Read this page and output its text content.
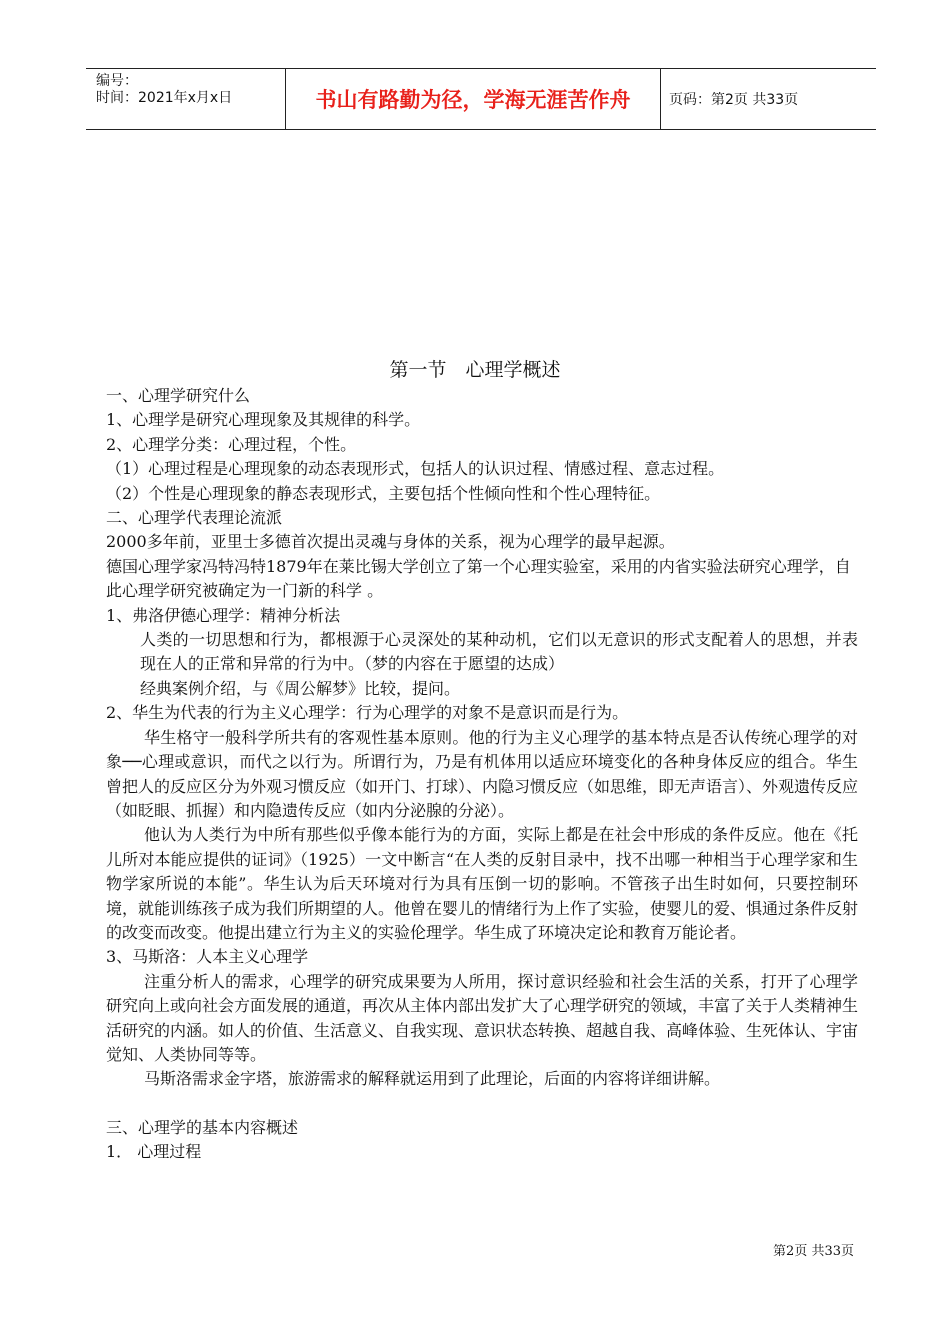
编号：
时间：2021年x月x日	书山有路勤为径，学海无涯苦作舟	页码：第2页 共33页
第一节　心理学概述

一、心理学研究什么

1、心理学是研究心理现象及其规律的科学。

2、心理学分类：心理过程，个性。

（1）心理过程是心理现象的动态表现形式，包括人的认识过程、情感过程、意志过程。

（2）个性是心理现象的静态表现形式，主要包括个性倾向性和个性心理特征。

二、心理学代表理论流派

2000多年前，亚里士多德首次提出灵魂与身体的关系，视为心理学的最早起源。

德国心理学家冯特冯特1879年在莱比锡大学创立了第一个心理实验室，采用的内省实验法研究心理学，自此心理学研究被确定为一门新的科学 。

1、弗洛伊德心理学：精神分析法

人类的一切思想和行为，都根源于心灵深处的某种动机，它们以无意识的形式支配着人的思想，并表现在人的正常和异常的行为中。（梦的内容在于愿望的达成）

经典案例介绍，与《周公解梦》比较，提问。

2、华生为代表的行为主义心理学：行为心理学的对象不是意识而是行为。

华生格守一般科学所共有的客观性基本原则。他的行为主义心理学的基本特点是否认传统心理学的对象──心理或意识，而代之以行为。所谓行为，乃是有机体用以适应环境变化的各种身体反应的组合。华生曾把人的反应区分为外观习惯反应（如开门、打球）、内隐习惯反应（如思维，即无声语言）、外观遗传反应（如眨眼、抓握）和内隐遗传反应（如内分泌腺的分泌）。

他认为人类行为中所有那些似乎像本能行为的方面，实际上都是在社会中形成的条件反应。他在《托儿所对本能应提供的证词》（1925）一文中断言“在人类的反射目录中，找不出哪一种相当于心理学家和生物学家所说的本能”。华生认为后天环境对行为具有压倒一切的影响。不管孩子出生时如何，只要控制环境，就能训练孩子成为我们所期望的人。他曾在婴儿的情绪行为上作了实验，使婴儿的爱、惧通过条件反射的改变而改变。他提出建立行为主义的实验伦理学。华生成了环境决定论和教育万能论者。

3、马斯洛：人本主义心理学

注重分析人的需求，心理学的研究成果要为人所用，探讨意识经验和社会生活的关系，打开了心理学研究向上或向社会方面发展的通道，再次从主体内部出发扩大了心理学研究的领域，丰富了关于人类精神生活研究的内涵。如人的价值、生活意义、自我实现、意识状态转换、超越自我、高峰体验、生死体认、宇宙觉知、人类协同等等。

马斯洛需求金字塔，旅游需求的解释就运用到了此理论，后面的内容将详细讲解。

三、心理学的基本内容概述

1． 心理过程

第2页 共33页
